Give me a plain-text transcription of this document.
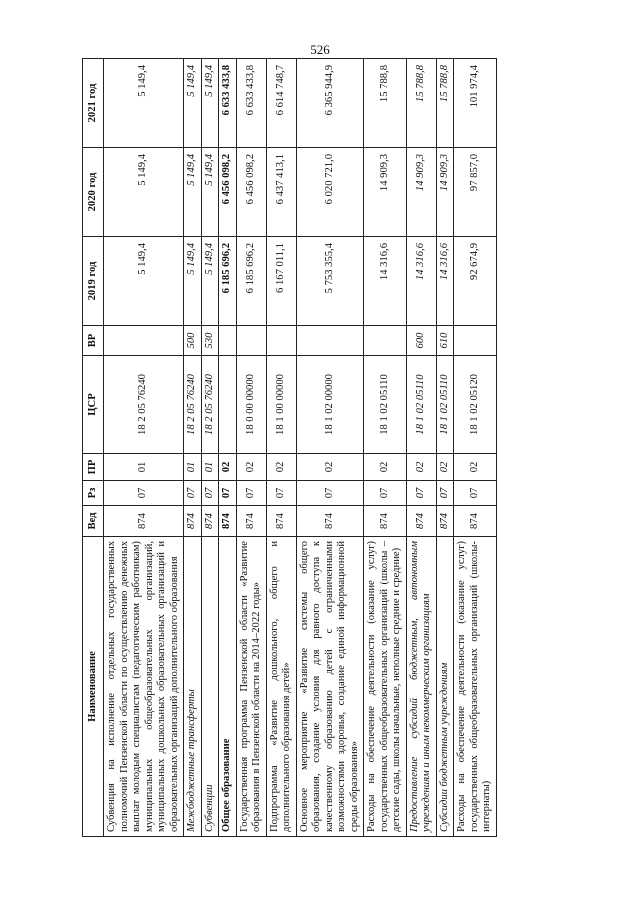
526
Наименование	Вед	Рз	ПР	ЦСР	ВР	2019 год	2020 год	2021 год
Субвенция на исполнение отдельных государственных полномочий Пензенской области по осуществлению денежных выплат молодым специалистам (педагогическим работникам) муниципальных общеобразовательных организаций, муниципальных дошкольных образовательных организаций и образовательных организаций дополнительного образования	874	07	01	18 2 05 76240		5 149,4	5 149,4	5 149,4
Межбюджетные трансферты	874	07	01	18 2 05 76240	500	5 149,4	5 149,4	5 149,4
Субвенции	874	07	01	18 2 05 76240	530	5 149,4	5 149,4	5 149,4
Общее образование	874	07	02			6 185 696,2	6 456 098,2	6 633 433,8
Государственная программа Пензенской области «Развитие образования в Пензенской области на 2014–2022 годы»	874	07	02	18 0 00 00000		6 185 696,2	6 456 098,2	6 633 433,8
Подпрограмма «Развитие дошкольного, общего и дополнительного образования детей»	874	07	02	18 1 00 00000		6 167 011,1	6 437 413,1	6 614 748,7
Основное мероприятие «Развитие системы общего образования, создание условия для равного доступа к качественному образованию детей с ограниченными возможностями здоровья, создание единой информационной среды образования»	874	07	02	18 1 02 00000		5 753 355,4	6 020 721,0	6 365 944,9
Расходы на обеспечение деятельности (оказание услуг) государственных общеобразовательных организаций (школы – детские сады, школы начальные, неполные средние и средние)	874	07	02	18 1 02 05110		14 316,6	14 909,3	15 788,8
Предоставление субсидий бюджетным, автономным учреждениям и иным некоммерческим организациям	874	07	02	18 1 02 05110	600	14 316,6	14 909,3	15 788,8
Субсидии бюджетным учреждениям	874	07	02	18 1 02 05110	610	14 316,6	14 909,3	15 788,8
Расходы на обеспечение деятельности (оказание услуг) государственных общеобразовательных организаций (школы-интернаты)	874	07	02	18 1 02 05120		92 674,9	97 857,0	101 974,4
